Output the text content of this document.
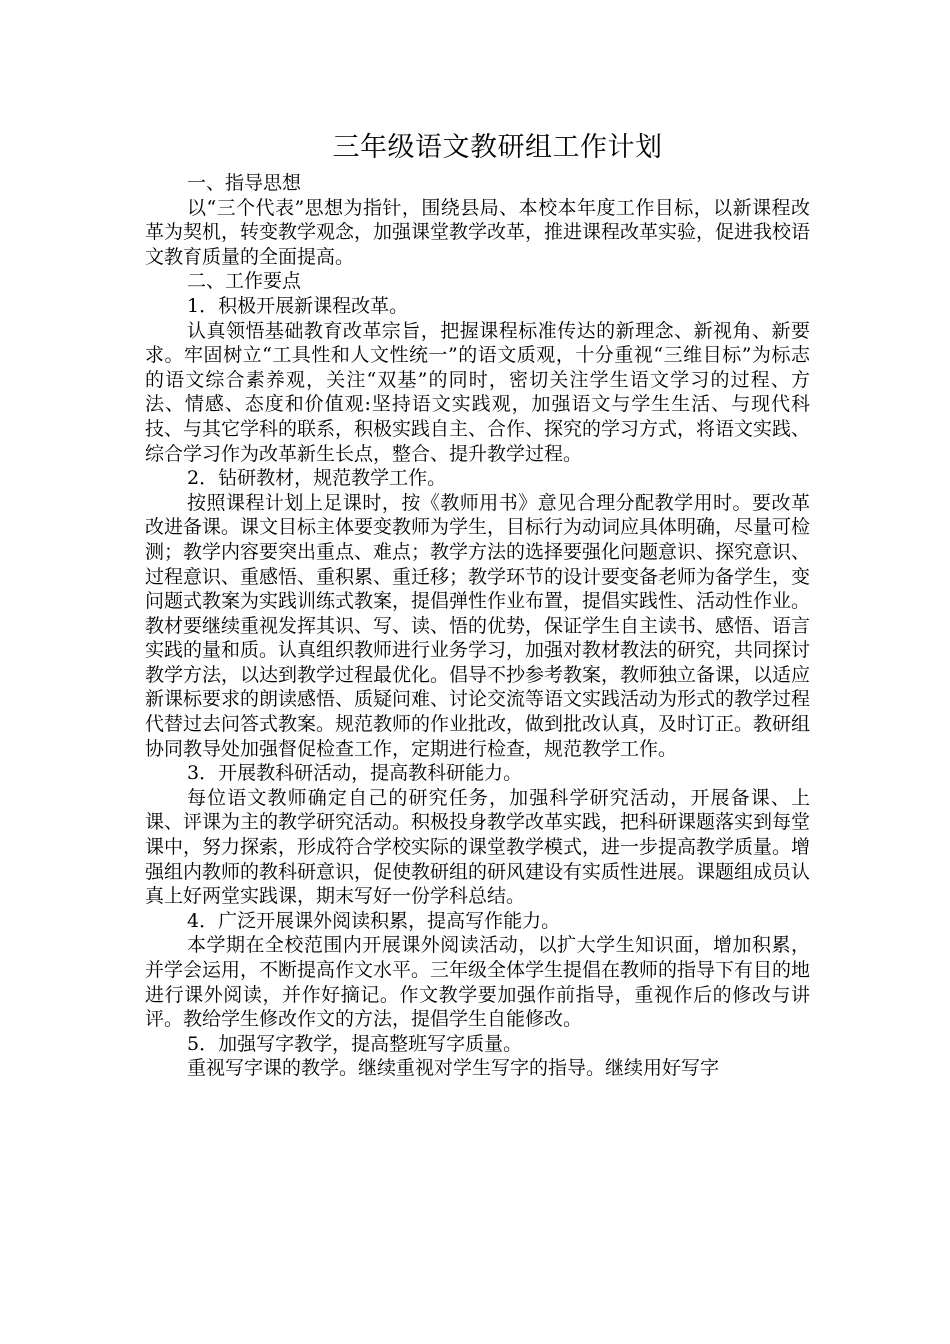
三年级语文教研组工作计划

一、指导思想

以“三个代表”思想为指针，围绕县局、本校本年度工作目标，以新课程改革为契机，转变教学观念，加强课堂教学改革，推进课程改革实验，促进我校语文教育质量的全面提高。

二、工作要点

1．积极开展新课程改革。

认真领悟基础教育改革宗旨，把握课程标准传达的新理念、新视角、新要求。牢固树立“工具性和人文性统一”的语文质观，十分重视“三维目标”为标志的语文综合素养观，关注“双基”的同时，密切关注学生语文学习的过程、方法、情感、态度和价值观:坚持语文实践观，加强语文与学生生活、与现代科技、与其它学科的联系，积极实践自主、合作、探究的学习方式，将语文实践、综合学习作为改革新生长点，整合、提升教学过程。

2．钻研教材，规范教学工作。

按照课程计划上足课时，按《教师用书》意见合理分配教学用时。要改革改进备课。课文目标主体要变教师为学生，目标行为动词应具体明确，尽量可检测；教学内容要突出重点、难点；教学方法的选择要强化问题意识、探究意识、过程意识、重感悟、重积累、重迁移；教学环节的设计要变备老师为备学生，变问题式教案为实践训练式教案，提倡弹性作业布置，提倡实践性、活动性作业。教材要继续重视发挥其识、写、读、悟的优势，保证学生自主读书、感悟、语言实践的量和质。认真组织教师进行业务学习，加强对教材教法的研究，共同探讨教学方法，以达到教学过程最优化。倡导不抄参考教案，教师独立备课，以适应新课标要求的朗读感悟、质疑问难、讨论交流等语文实践活动为形式的教学过程代替过去问答式教案。规范教师的作业批改，做到批改认真，及时订正。教研组协同教导处加强督促检查工作，定期进行检查，规范教学工作。

3．开展教科研活动，提高教科研能力。

每位语文教师确定自己的研究任务，加强科学研究活动，开展备课、上课、评课为主的教学研究活动。积极投身教学改革实践，把科研课题落实到每堂课中，努力探索，形成符合学校实际的课堂教学模式，进一步提高教学质量。增强组内教师的教科研意识，促使教研组的研风建设有实质性进展。课题组成员认真上好两堂实践课，期末写好一份学科总结。

4．广泛开展课外阅读积累，提高写作能力。

本学期在全校范围内开展课外阅读活动，以扩大学生知识面，增加积累，并学会运用，不断提高作文水平。三年级全体学生提倡在教师的指导下有目的地进行课外阅读，并作好摘记。作文教学要加强作前指导，重视作后的修改与讲评。教给学生修改作文的方法，提倡学生自能修改。

5．加强写字教学，提高整班写字质量。

重视写字课的教学。继续重视对学生写字的指导。继续用好写字
